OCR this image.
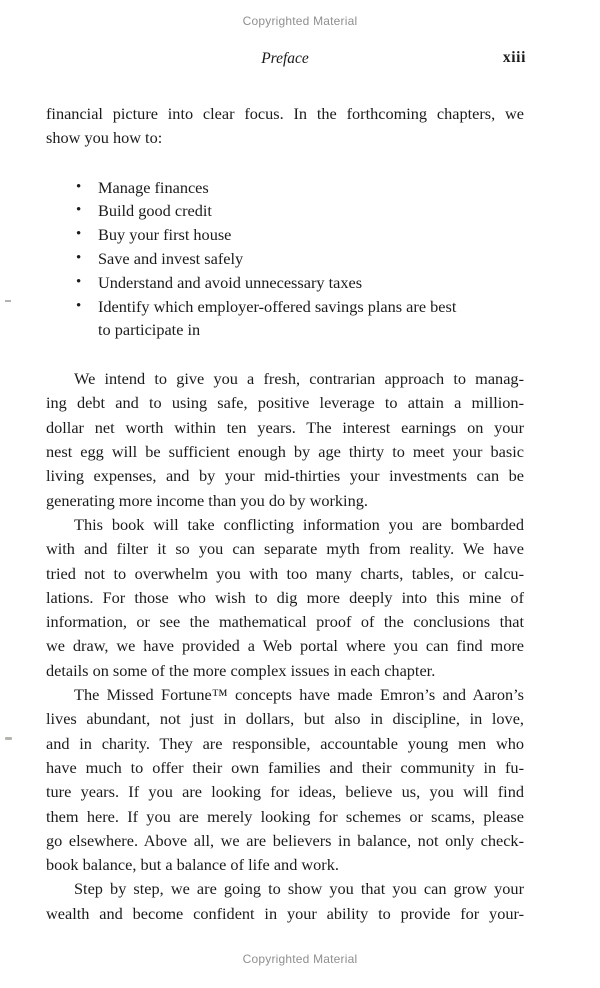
Copyrighted Material
Preface	xiii
financial picture into clear focus. In the forthcoming chapters, we
show you how to:
•	Manage finances
•	Build good credit
•	Buy your first house
•	Save and invest safely
•	Understand and avoid unnecessary taxes
•	Identify which employer-offered savings plans are best
to participate in
We intend to give you a fresh, contrarian approach to manag-
ing debt and to using safe, positive leverage to attain a million-
dollar net worth within ten years. The interest earnings on your
nest egg will be sufficient enough by age thirty to meet your basic
living expenses, and by your mid-thirties your investments can be
generating more income than you do by working.
This book will take conflicting information you are bombarded
with and filter it so you can separate myth from reality. We have
tried not to overwhelm you with too many charts, tables, or calcu-
lations. For those who wish to dig more deeply into this mine of
information, or see the mathematical proof of the conclusions that
we draw, we have provided a Web portal where you can find more
details on some of the more complex issues in each chapter.
The Missed Fortune™ concepts have made Emron’s and Aaron’s
lives abundant, not just in dollars, but also in discipline, in love,
and in charity. They are responsible, accountable young men who
have much to offer their own families and their community in fu-
ture years. If you are looking for ideas, believe us, you will find
them here. If you are merely looking for schemes or scams, please
go elsewhere. Above all, we are believers in balance, not only check-
book balance, but a balance of life and work.
Step by step, we are going to show you that you can grow your
wealth and become confident in your ability to provide for your-
Copyrighted Material
